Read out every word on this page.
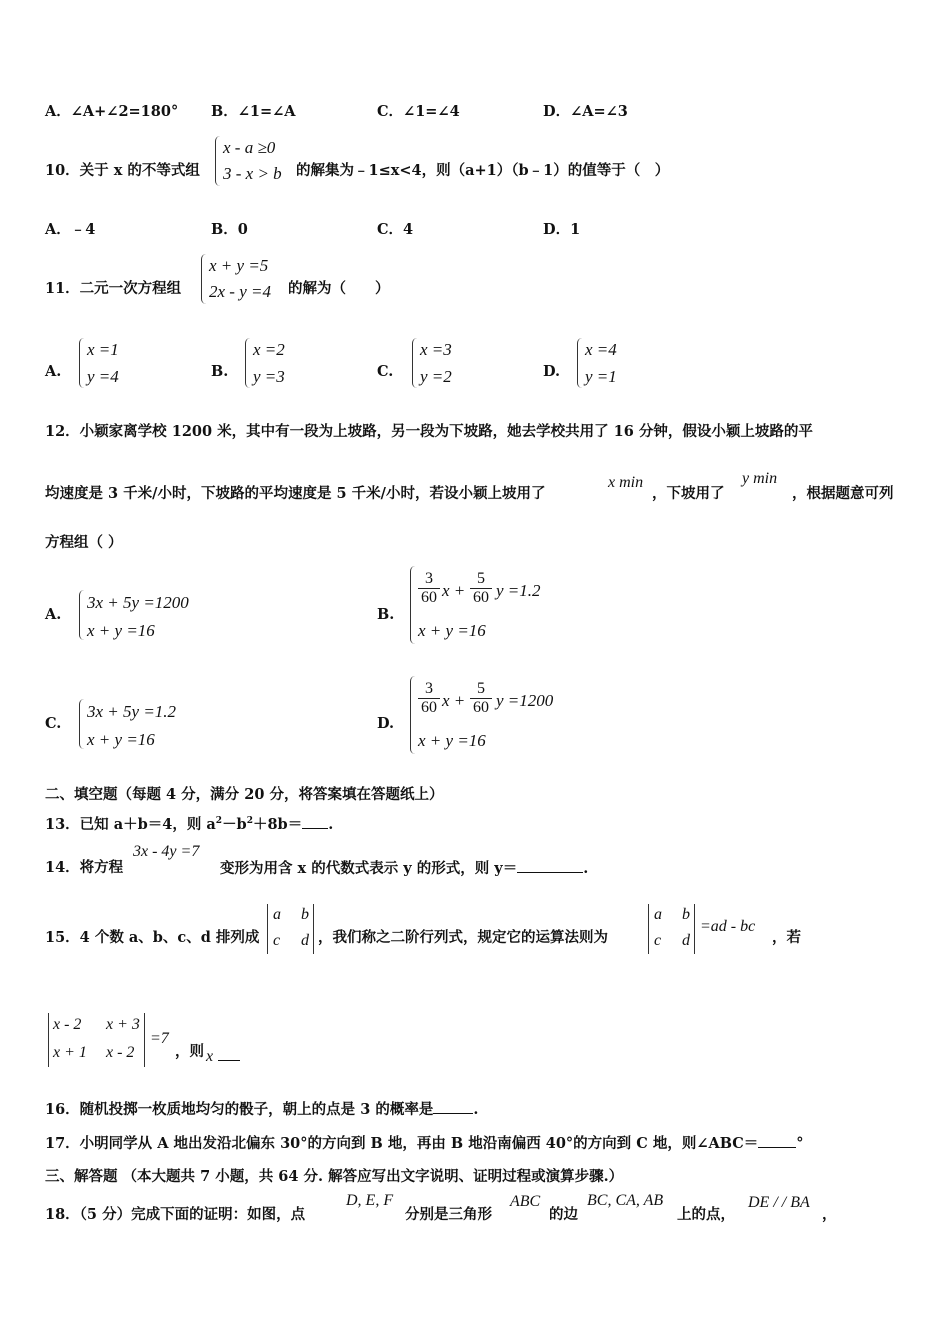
A．∠A+∠2=180° B．∠1=∠A	C．∠1=∠4	D．∠A=∠3
10．关于 x 的不等式组
x - a ≥0
3 - x > b 的解集为﹣1≤x<4，则（a+1）（b﹣1）的值等于（　）
A．﹣4	B．0	C．4	D．1
11．二元一次方程组
x + y =5
2x - y =4 的解为（　　）
A.
x =1
y =4	B.
x =2
y =3	C.
x =3
y =2	D.
x =4
y =1
12．小颖家离学校 1200 米，其中有一段为上坡路，另一段为下坡路，她去学校共用了 16 分钟，假设小颖上坡路的平
均速度是 3 千米/小时，下坡路的平均速度是 5 千米/小时，若设小颖上坡用了
x min
，下坡用了
y min
，根据题意可列
方程组（ ）
A.
3x + 5y =1200
x + y =16
B.
$\frac{3}{60}$ $x + \frac{5}{60}$ y =1.2
x + y =16
C.
3x + 5y =1.2
x + y =16
D.
$\frac{3}{60}$ $x + \frac{5}{60}$ y =1200
x + y =16
二、填空题（每题 4 分，满分 20 分，将答案填在答题纸上）
13．已知 a＋b＝4，则 $a^2-b^2+8b=$ .
14．将方程
3x - 4y =7
变形为用含 x 的代数式表示 y 的形式，则 y＝	.
15．4 个数 a、b、c、d 排列成
a b
c d ，我们称之二阶行列式，规定它的运算法则为
a b
c d
=ad - bc
，若
x - 2 x + 3
x + 1 x - 2
=7
，则 x
16．随机投掷一枚质地均匀的骰子，朝上的点是 3 的概率是	.
17．小明同学从 A 地出发沿北偏东 30°的方向到 B 地，再由 B 地沿南偏西 40°的方向到 C 地，则∠ABC＝	°
三、解答题 （本大题共 7 小题，共 64 分. 解答应写出文字说明、证明过程或演算步骤.）
18．（5 分）完成下面的证明：如图，点
D, E, F
分别是三角形
ABC
的边
BC, CA, AB
上的点，
DE / / BA
，
